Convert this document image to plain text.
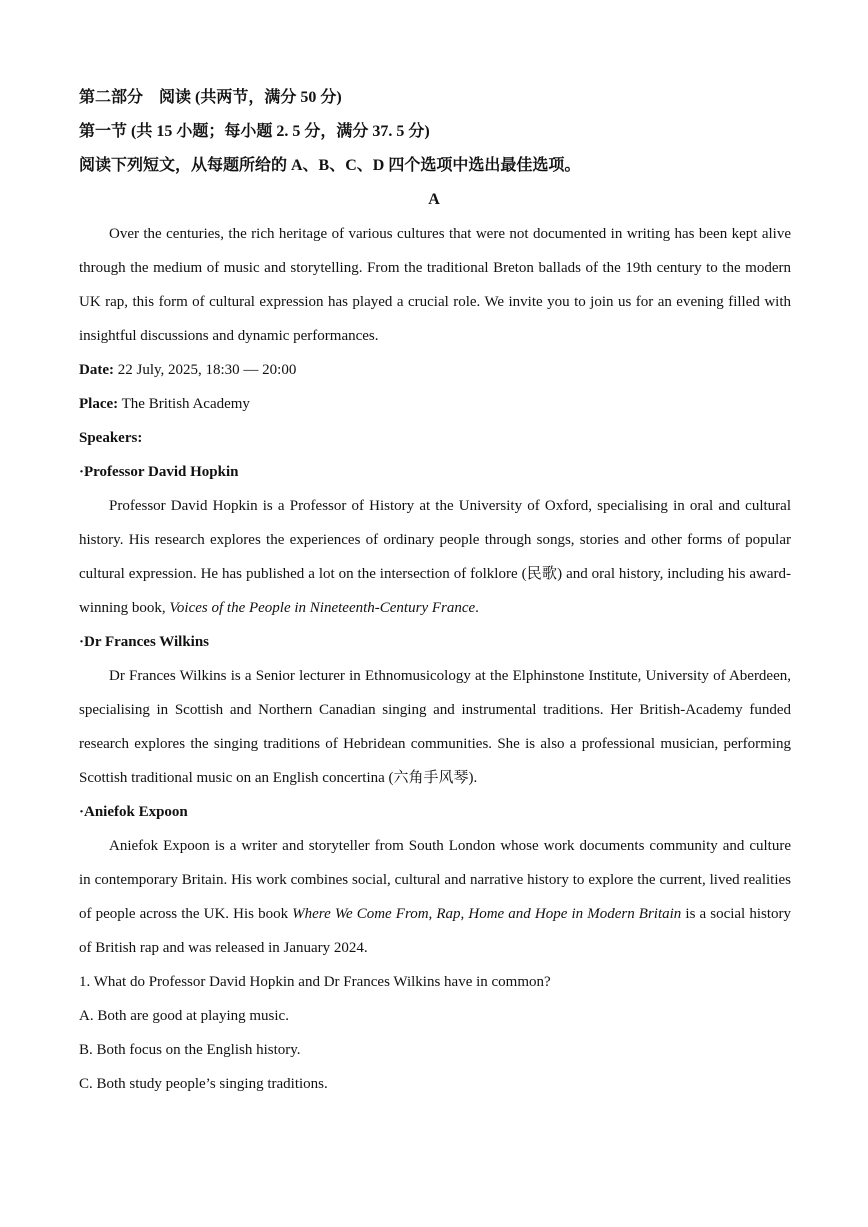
第二部分　阅读 (共两节，满分 50 分)
第一节 (共 15 小题；每小题 2. 5 分，满分 37. 5 分)
阅读下列短文，从每题所给的 A、B、C、D 四个选项中选出最佳选项。
A
Over the centuries, the rich heritage of various cultures that were not documented in writing has been kept alive
through the medium of music and storytelling. From the traditional Breton ballads of the 19th century to the modern
UK rap, this form of cultural expression has played a crucial role. We invite you to join us for an evening filled with
insightful discussions and dynamic performances.
Date: 22 July, 2025, 18:30 — 20:00
Place: The British Academy
Speakers:
·Professor David Hopkin
Professor David Hopkin is a Professor of History at the University of Oxford, specialising in oral and cultural
history. His research explores the experiences of ordinary people through songs, stories and other forms of popular
cultural expression. He has published a lot on the intersection of folklore (民歌) and oral history, including his award-
winning book, Voices of the People in Nineteenth-Century France.
·Dr Frances Wilkins
Dr Frances Wilkins is a Senior lecturer in Ethnomusicology at the Elphinstone Institute, University of Aberdeen,
specialising in Scottish and Northern Canadian singing and instrumental traditions. Her British-Academy funded
research explores the singing traditions of Hebridean communities. She is also a professional musician, performing
Scottish traditional music on an English concertina (六角手风琴).
·Aniefok Expoon
Aniefok Expoon is a writer and storyteller from South London whose work documents community and culture
in contemporary Britain. His work combines social, cultural and narrative history to explore the current, lived realities
of people across the UK. His book Where We Come From, Rap, Home and Hope in Modern Britain is a social history
of British rap and was released in January 2024.
1. What do Professor David Hopkin and Dr Frances Wilkins have in common?
A. Both are good at playing music.
B. Both focus on the English history.
C. Both study people’s singing traditions.
